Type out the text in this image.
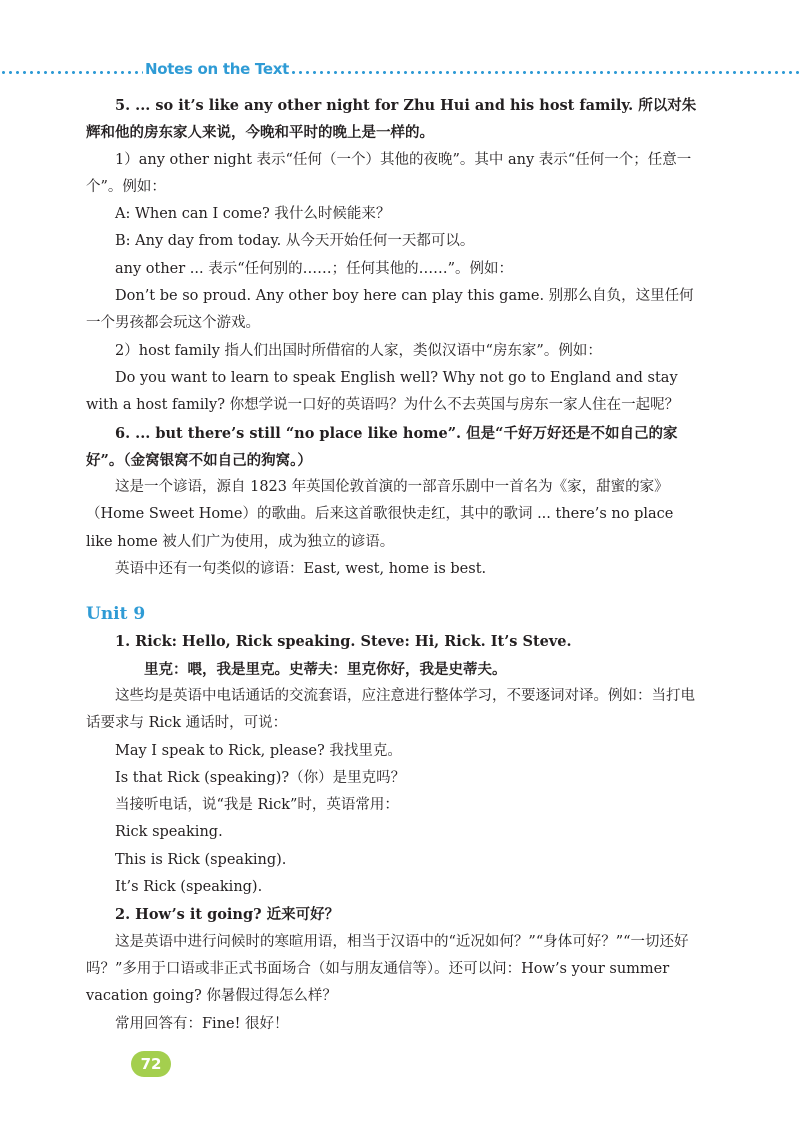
Notes on the Text

5. ... so it’s like any other night for Zhu Hui and his host family. 所以对朱辉和他的房东家人来说，今晚和平时的晚上是一样的。

1）any other night 表示“任何（一个）其他的夜晚”。其中 any 表示“任何一个；任意一个”。例如：

A: When can I come? 我什么时候能来？

B: Any day from today. 从今天开始任何一天都可以。

any other ... 表示“任何别的……；任何其他的……”。例如：

Don’t be so proud. Any other boy here can play this game. 别那么自负，这里任何一个男孩都会玩这个游戏。

2）host family 指人们出国时所借宿的人家，类似汉语中“房东家”。例如：

Do you want to learn to speak English well? Why not go to England and stay with a host family? 你想学说一口好的英语吗？为什么不去英国与房东一家人住在一起呢？

6. ... but there’s still “no place like home”. 但是“千好万好还是不如自己的家好”。（金窝银窝不如自己的狗窝。）

这是一个谚语，源自 1823 年英国伦敦首演的一部音乐剧中一首名为《家，甜蜜的家》（Home Sweet Home）的歌曲。后来这首歌很快走红，其中的歌词 ... there’s no place like home 被人们广为使用，成为独立的谚语。

英语中还有一句类似的谚语：East, west, home is best.

Unit 9

1. Rick: Hello, Rick speaking. Steve: Hi, Rick. It’s Steve.

里克：喂，我是里克。史蒂夫：里克你好，我是史蒂夫。

这些均是英语中电话通话的交流套语，应注意进行整体学习，不要逐词对译。例如：当打电话要求与 Rick 通话时，可说：

May I speak to Rick, please? 我找里克。

Is that Rick (speaking)?（你）是里克吗？

当接听电话，说“我是 Rick”时，英语常用：

Rick speaking.

This is Rick (speaking).

It’s Rick (speaking).

2. How’s it going? 近来可好？

这是英语中进行问候时的寒暄用语，相当于汉语中的“近况如何？”“身体可好？”“一切还好吗？”多用于口语或非正式书面场合（如与朋友通信等）。还可以问：How’s your summer vacation going? 你暑假过得怎么样？

常用回答有：Fine! 很好！

72
